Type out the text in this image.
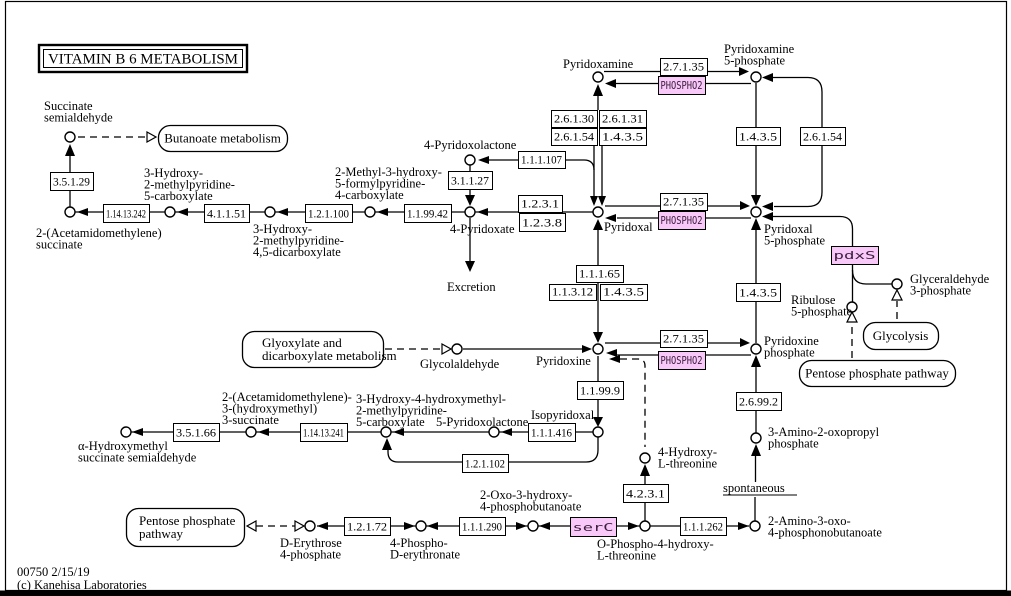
Butanoate metabolism
Glyoxylate and
dicarboxylate metabolism
Glycolysis
Pentose phosphate pathway
Pentose phosphate
pathway
3.5.1.29
1.14.13.242	4.1.1.51	1.2.1.100	1.1.99.42
3.1.1.27
1.1.1.107
1.2.3.1
1.2.3.8
2.6.1.30 2.6.1.31
2.6.1.54 1.4.3.5
2.7.1.35
1.4.3.5 2.6.1.54
2.7.1.35
1.1.1.65
1.1.3.12 1.4.3.5	1.4.3.5
2.7.1.35
2.6.99.2
1.1.99.9
1.1.1.416
1.14.13.241
3.5.1.66
1.2.1.102
4.2.3.1
1.2.1.72	1.1.1.290	1.1.1.262
PHOSPHO2
PHOSPHO2
PHOSPHO2
pdxS
serC
Succinate
semialdehyde
3-Hydroxy-
2-methylpyridine-
5-carboxylate
2-(Acetamidomethylene)
succinate
3-Hydroxy-
2-methylpyridine-
4,5-dicarboxylate
2-Methyl-3-hydroxy-
5-formylpyridine-
4-carboxylate
4-Pyridoxolactone
4-Pyridoxate
Excretion
Pyridoxal
Pyridoxamine
Pyridoxamine
5-phosphate
Pyridoxal
5-phosphate
Glycolaldehyde	Pyridoxine
Pyridoxine
phosphate
Ribulose
5-phosphate
Glyceraldehyde
3-phosphate
3-Amino-2-oxopropyl
phosphate
4-Hydroxy-
L-threonine
spontaneous
2-Amino-3-oxo-
4-phosphonobutanoate
O-Phospho-4-hydroxy-
L-threonine
2-Oxo-3-hydroxy-
4-phosphobutanoate
4-Phospho-
D-erythronate
D-Erythrose
4-phosphate
α-Hydroxymethyl
succinate semialdehyde
2-(Acetamidomethylene)-
3-(hydroxymethyl)
3-succinate
3-Hydroxy-4-hydroxymethyl-
2-methylpyridine-
5-carboxylate 5-Pyridoxolactone Isopyridoxal
VITAMIN B 6 METABOLISM
00750 2/15/19
(c) Kanehisa Laboratories
